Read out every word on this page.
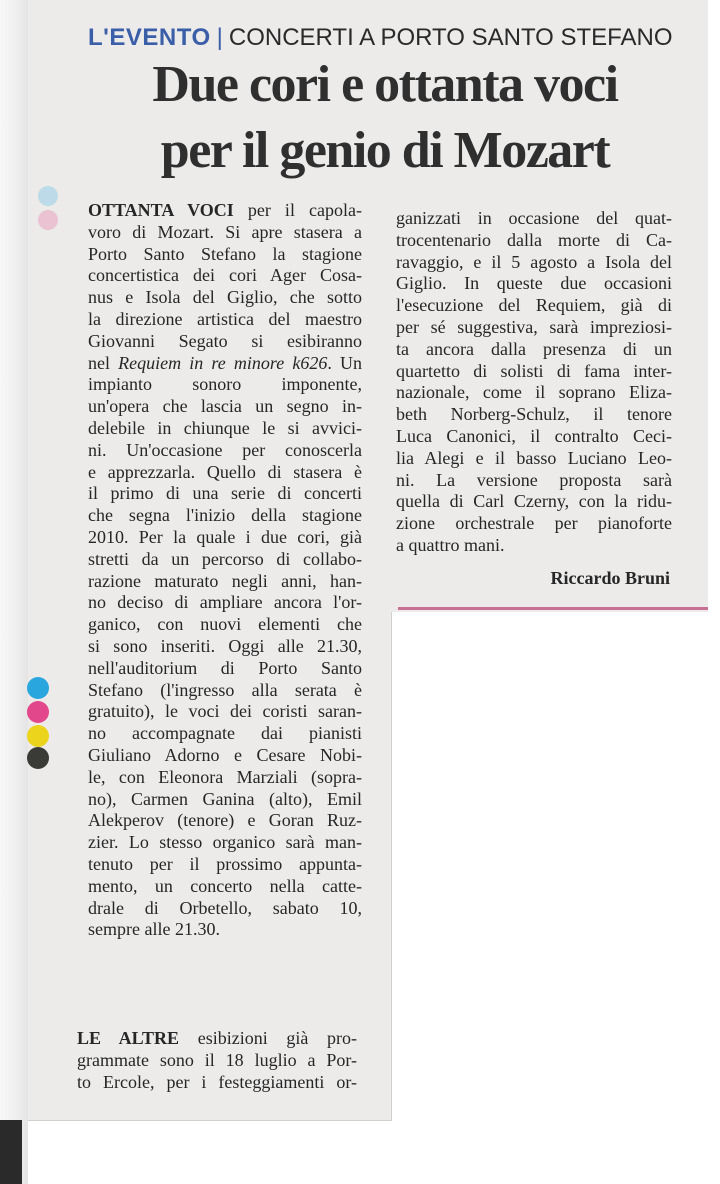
L'EVENTO | CONCERTI A PORTO SANTO STEFANO
Due cori e ottanta voci
per il genio di Mozart
OTTANTA VOCI per il capola-
voro di Mozart. Si apre stasera a
Porto Santo Stefano la stagione
concertistica dei cori Ager Cosa-
nus e Isola del Giglio, che sotto
la direzione artistica del maestro
Giovanni Segato si esibiranno
nel Requiem in re minore k626. Un
impianto sonoro imponente,
un'opera che lascia un segno in-
delebile in chiunque le si avvici-
ni. Un'occasione per conoscerla
e apprezzarla. Quello di stasera è
il primo di una serie di concerti
che segna l'inizio della stagione
2010. Per la quale i due cori, già
stretti da un percorso di collabo-
razione maturato negli anni, han-
no deciso di ampliare ancora l'or-
ganico, con nuovi elementi che
si sono inseriti. Oggi alle 21.30,
nell'auditorium di Porto Santo
Stefano (l'ingresso alla serata è
gratuito), le voci dei coristi saran-
no accompagnate dai pianisti
Giuliano Adorno e Cesare Nobi-
le, con Eleonora Marziali (sopra-
no), Carmen Ganina (alto), Emil
Alekperov (tenore) e Goran Ruz-
zier. Lo stesso organico sarà man-
tenuto per il prossimo appunta-
mento, un concerto nella catte-
drale di Orbetello, sabato 10,
sempre alle 21.30.
LE ALTRE esibizioni già pro-
grammate sono il 18 luglio a Por-
to Ercole, per i festeggiamenti or-
ganizzati in occasione del quat-
trocentenario dalla morte di Ca-
ravaggio, e il 5 agosto a Isola del
Giglio. In queste due occasioni
l'esecuzione del Requiem, già di
per sé suggestiva, sarà impreziosi-
ta ancora dalla presenza di un
quartetto di solisti di fama inter-
nazionale, come il soprano Eliza-
beth Norberg-Schulz, il tenore
Luca Canonici, il contralto Ceci-
lia Alegi e il basso Luciano Leo-
ni. La versione proposta sarà
quella di Carl Czerny, con la ridu-
zione orchestrale per pianoforte
a quattro mani.
Riccardo Bruni
